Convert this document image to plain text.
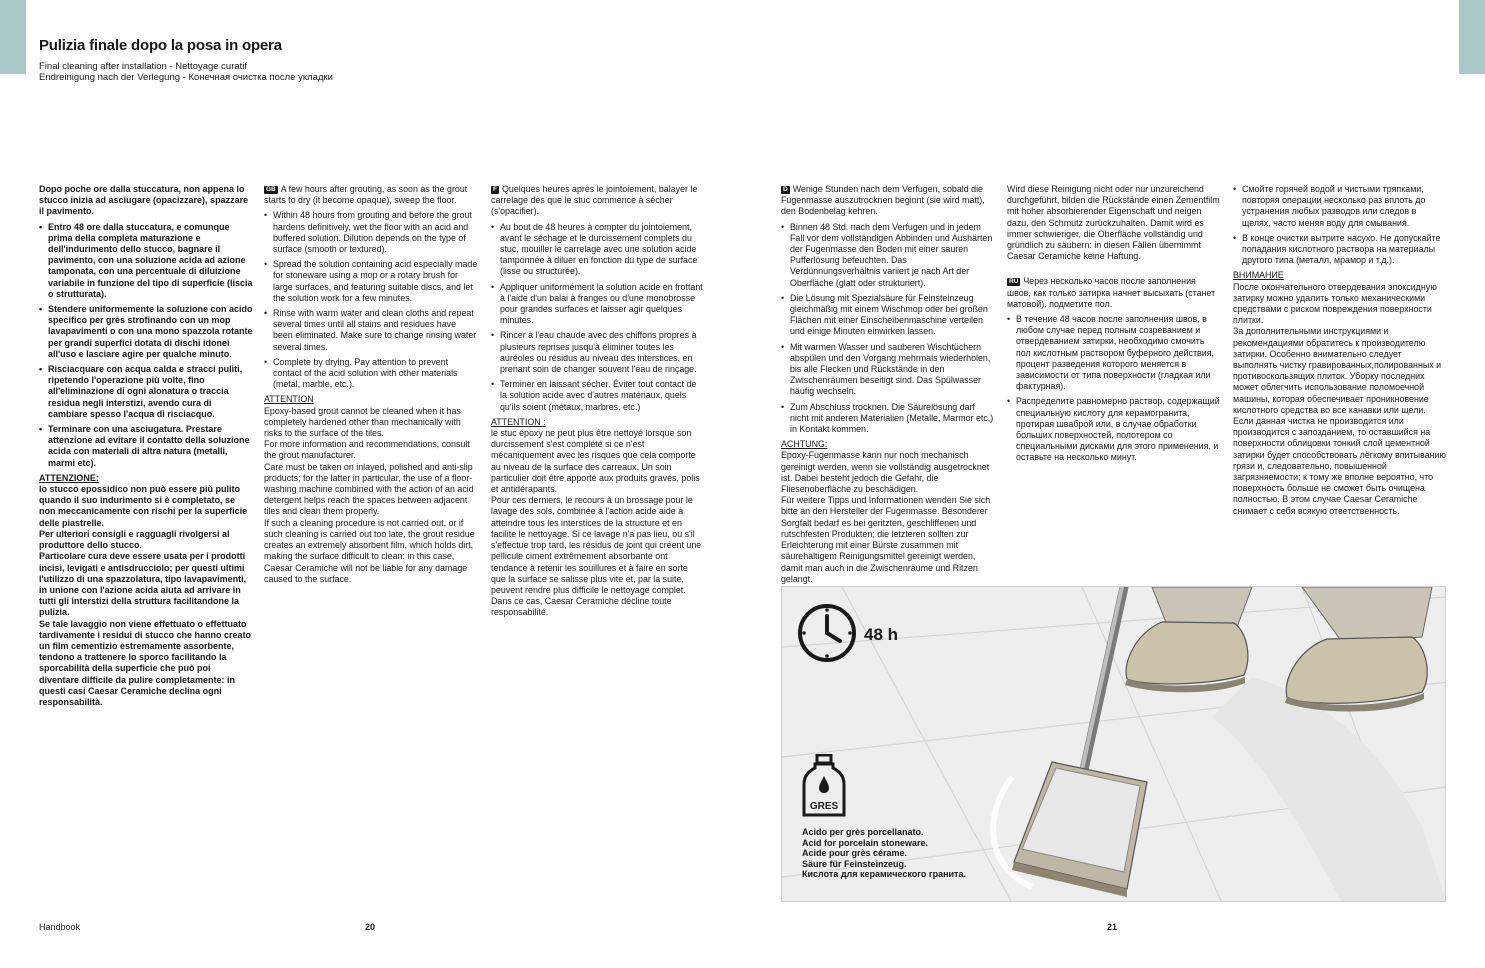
Pulizia finale dopo la posa in opera
Final cleaning after installation - Nettoyage curatif
Endreinigung nach der Verlegung - Конечная очистка после укладки

Dopo poche ore dalla stuccatura, non appena lo stucco inizia ad asciugare (opacizzare), spazzare il pavimento.

• Entro 48 ore dalla stuccatura, e comunque prima della completa maturazione e dell'indurimento dello stucco, bagnare il pavimento, con una soluzione acida ad azione tamponata, con una percentuale di diluizione variabile in funzione del tipo di superficie (liscia o strutturata).
• Stendere uniformemente la soluzione con acido specifico per grès strofinando con un mop lavapavimenti o con una mono spazzola rotante per grandi superfici dotata di dischi idonei all'uso e lasciare agire per qualche minuto.
• Risciacquare con acqua calda e stracci puliti, ripetendo l'operazione più volte, fino all'eliminazione di ogni alonatura o traccia residua negli interstizi, avendo cura di cambiare spesso l'acqua di risciacquo.
• Terminare con una asciugatura. Prestare attenzione ad evitare il contatto della soluzione acida con materiali di altra natura (metalli, marmi etc).

ATTENZIONE:

lo stucco epossidico non può essere più pulito quando il suo indurimento si è completato, se non meccanicamente con rischi per la superficie delle piastrelle.

Per ulteriori consigli e ragguagli rivolgersi al produttore dello stucco.

Particolare cura deve essere usata per i prodotti incisi, levigati e antisdrucciolo; per questi ultimi l'utilizzo di una spazzolatura, tipo lavapavimenti, in unione con l'azione acida aiuta ad arrivare in tutti gli interstizi della struttura facilitandone la pulizia.

Se tale lavaggio non viene effettuato o effettuato tardivamente i residui di stucco che hanno creato un film cementizio estremamente assorbente, tendono a trattenere lo sporco facilitando la sporcabilità della superficie che può poi diventare difficile da pulire completamente: in questi casi Caesar Ceramiche declina ogni responsabilità.

GB A few hours after grouting, as soon as the grout starts to dry (it become opaque), sweep the floor.

• Within 48 hours from grouting and before the grout hardens definitively, wet the floor with an acid and buffered solution. Dilution depends on the type of surface (smooth or textured).
• Spread the solution containing acid especially made for stoneware using a mop or a rotary brush for large surfaces, and featuring suitable discs, and let the solution work for a few minutes.
• Rinse with warm water and clean cloths and repeat several times until all stains and residues have been eliminated. Make sure to change rinsing water several times.
• Complete by drying. Pay attention to prevent contact of the acid solution with other materials (metal, marble, etc.).

ATTENTION

Epoxy-based grout cannot be cleaned when it has completely hardened other than mechanically with risks to the surface of the tiles.

For more information and recommendations, consult the grout manufacturer.

Care must be taken on inlayed, polished and anti-slip products; for the latter in particular, the use of a floor-washing machine combined with the action of an acid detergent helps reach the spaces between adjacent tiles and clean them properly.

If such a cleaning procedure is not carried out, or if such cleaning is carried out too late, the grout residue creates an extremely absorbent film, which holds dirt, making the surface difficult to clean: in this case, Caesar Ceramiche will not be liable for any damage caused to the surface.

F Quelques heures après le jointoiement, balayer le carrelage dès que le stuc commence à sécher (s'opacifier).

• Au bout de 48 heures à compter du jointoiement, avant le séchage et le durcissement complets du stuc, mouiller le carrelage avec une solution acide tamponnée à diluer en fonction du type de surface (lisse ou structurée).
• Appliquer uniformément la solution acide en frottant à l'aide d'un balai à franges ou d'une monobrosse pour grandes surfaces et laisser agir quelques minutes.
• Rincer à l'eau chaude avec des chiffons propres à plusieurs reprises jusqu'à éliminer toutes les auréoles ou résidus au niveau des interstices, en prenant soin de changer souvent l'eau de rinçage.
• Terminer en laissant sécher. Éviter tout contact de la solution acide avec d'autres matériaux, quels qu'ils soient (métaux, marbres, etc.)

ATTENTION :

le stuc époxy ne peut plus être nettoyé lorsque son durcissement s'est complété si ce n'est mécaniquement avec les risques que cela comporte au niveau de la surface des carreaux. Un soin particulier doit être apporté aux produits gravés, polis et antidérapants.

Pour ces derniers, le recours à un brossage pour le lavage des sols, combinée à l'action acide aide à atteindre tous les interstices de la structure et en facilite le nettoyage. Si ce lavage n'a pas lieu, ou s'il s'effectue trop tard, les résidus de joint qui créent une pellicule ciment extrêmement absorbante ont tendance à retenir les souillures et à faire en sorte que la surface se salisse plus vite et, par la suite, peuvent rendre plus difficile le nettoyage complet. Dans ce cas, Caesar Ceramiche décline toute responsabilité.

D Wenige Stunden nach dem Verfugen, sobald die Fugenmasse auszutrocknen beginnt (sie wird matt), den Bodenbelag kehren.

• Binnen 48 Std. nach dem Verfugen und in jedem Fall vor dem vollständigen Abbinden und Aushärten der Fugenmasse den Boden mit einer sauren Pufferlösung befeuchten. Das Verdünnungsverhältnis variiert je nach Art der Oberfläche (glatt oder strukturiert).
• Die Lösung mit Spezialsäure für Feinsteinzeug gleichmäßig mit einem Wischmop oder bei großen Flächen mit einer Einscheibenmaschine verteilen und einige Minuten einwirken lassen.
• Mit warmen Wasser und sauberen Wischtüchern abspülen und den Vorgang mehrmals wiederholen, bis alle Flecken und Rückstände in den Zwischenräumen beseitigt sind. Das Spülwasser häufig wechseln.
• Zum Abschluss trocknen. Die Säurelösung darf nicht mit anderen Materialien (Metalle, Marmor etc.) in Kontakt kommen.

ACHTUNG:

Epoxy-Fugenmasse kann nur noch mechanisch gereinigt werden, wenn sie vollständig ausgetrocknet ist. Dabei besteht jedoch die Gefahr, die Fliesenoberfläche zu beschädigen.

Für weitere Tipps und Informationen wenden Sie sich bitte an den Hersteller der Fugenmasse. Besonderer Sorgfalt bedarf es bei geritzten, geschliffenen und rutschfesten Produkten; die letzteren sollten zur Erleichterung mit einer Bürste zusammen mit säurehaltigem Reinigungsmittel gereinigt werden, damit man auch in die Zwischenräume und Ritzen gelangt.

Wird diese Reinigung nicht oder nur unzureichend durchgeführt, bilden die Rückstände einen Zementfilm mit hoher absorbierender Eigenschaft und neigen dazu, den Schmutz zurückzuhalten. Damit wird es immer schwieriger, die Oberfläche vollständig und gründlich zu säubern: in diesen Fällen übernimmt Caesar Ceramiche keine Haftung.

RU Через несколько часов после заполнения швов, как только затирка начнет высыхать (станет матовой), подметите пол.

• В течение 48 часов после заполнения швов, в любом случае перед полным созреванием и отвердеванием затирки, необходимо смочить пол кислотным раствором буферного действия, процент разведения которого меняется в зависимости от типа поверхности (гладкая или фактурная).
• Распределите равномерно раствор, содержащий специальную кислоту для керамогранита, протирая шваброй или, в случае обработки больших поверхностей, полотером со специальными дисками для этого применения, и оставьте на несколько минут.
• Смойте горячей водой и чистыми тряпками, повторяя операции несколько раз вплоть до устранения любых разводов или следов в щелях, часто меняя воду для смывания.
• В конце очистки вытрите насухо. Не допускайте попадания кислотного раствора на материалы другого типа (металл, мрамор и т.д.).

ВНИМАНИЕ

После окончательного отвердевания эпоксидную затирку можно удалить только механическими средствами с риском повреждения поверхности плитки.

За дополнительными инструкциями и рекомендациями обратитесь к производителю затирки. Особенно внимательно следует выполнять чистку гравированных,полированных и противоскользящих плиток. Уборку последних может облегчить использование поломоечной машины, которая обеспечивает проникновение кислотного средства во все канавки или щели. Если данная чистка не производится или производится с запозданием, то оставшийся на поверхности облицовки тонкий слой цементной затирки будет способствовать лёгкому впитыванию грязи и, следовательно, повышенной загрязняемости; к тому же вполне вероятно, что поверхность больше не сможет быть очищена полностью. В этом случае Caesar Ceramiche снимает с себя всякую ответственность.

48 h
GRES
Acido per grès porcellanato.
Acid for porcelain stoneware.
Acide pour grès cérame.
Säure für Feinsteinzeug.
Кислота для керамического гранита.
Handbook	20	21
